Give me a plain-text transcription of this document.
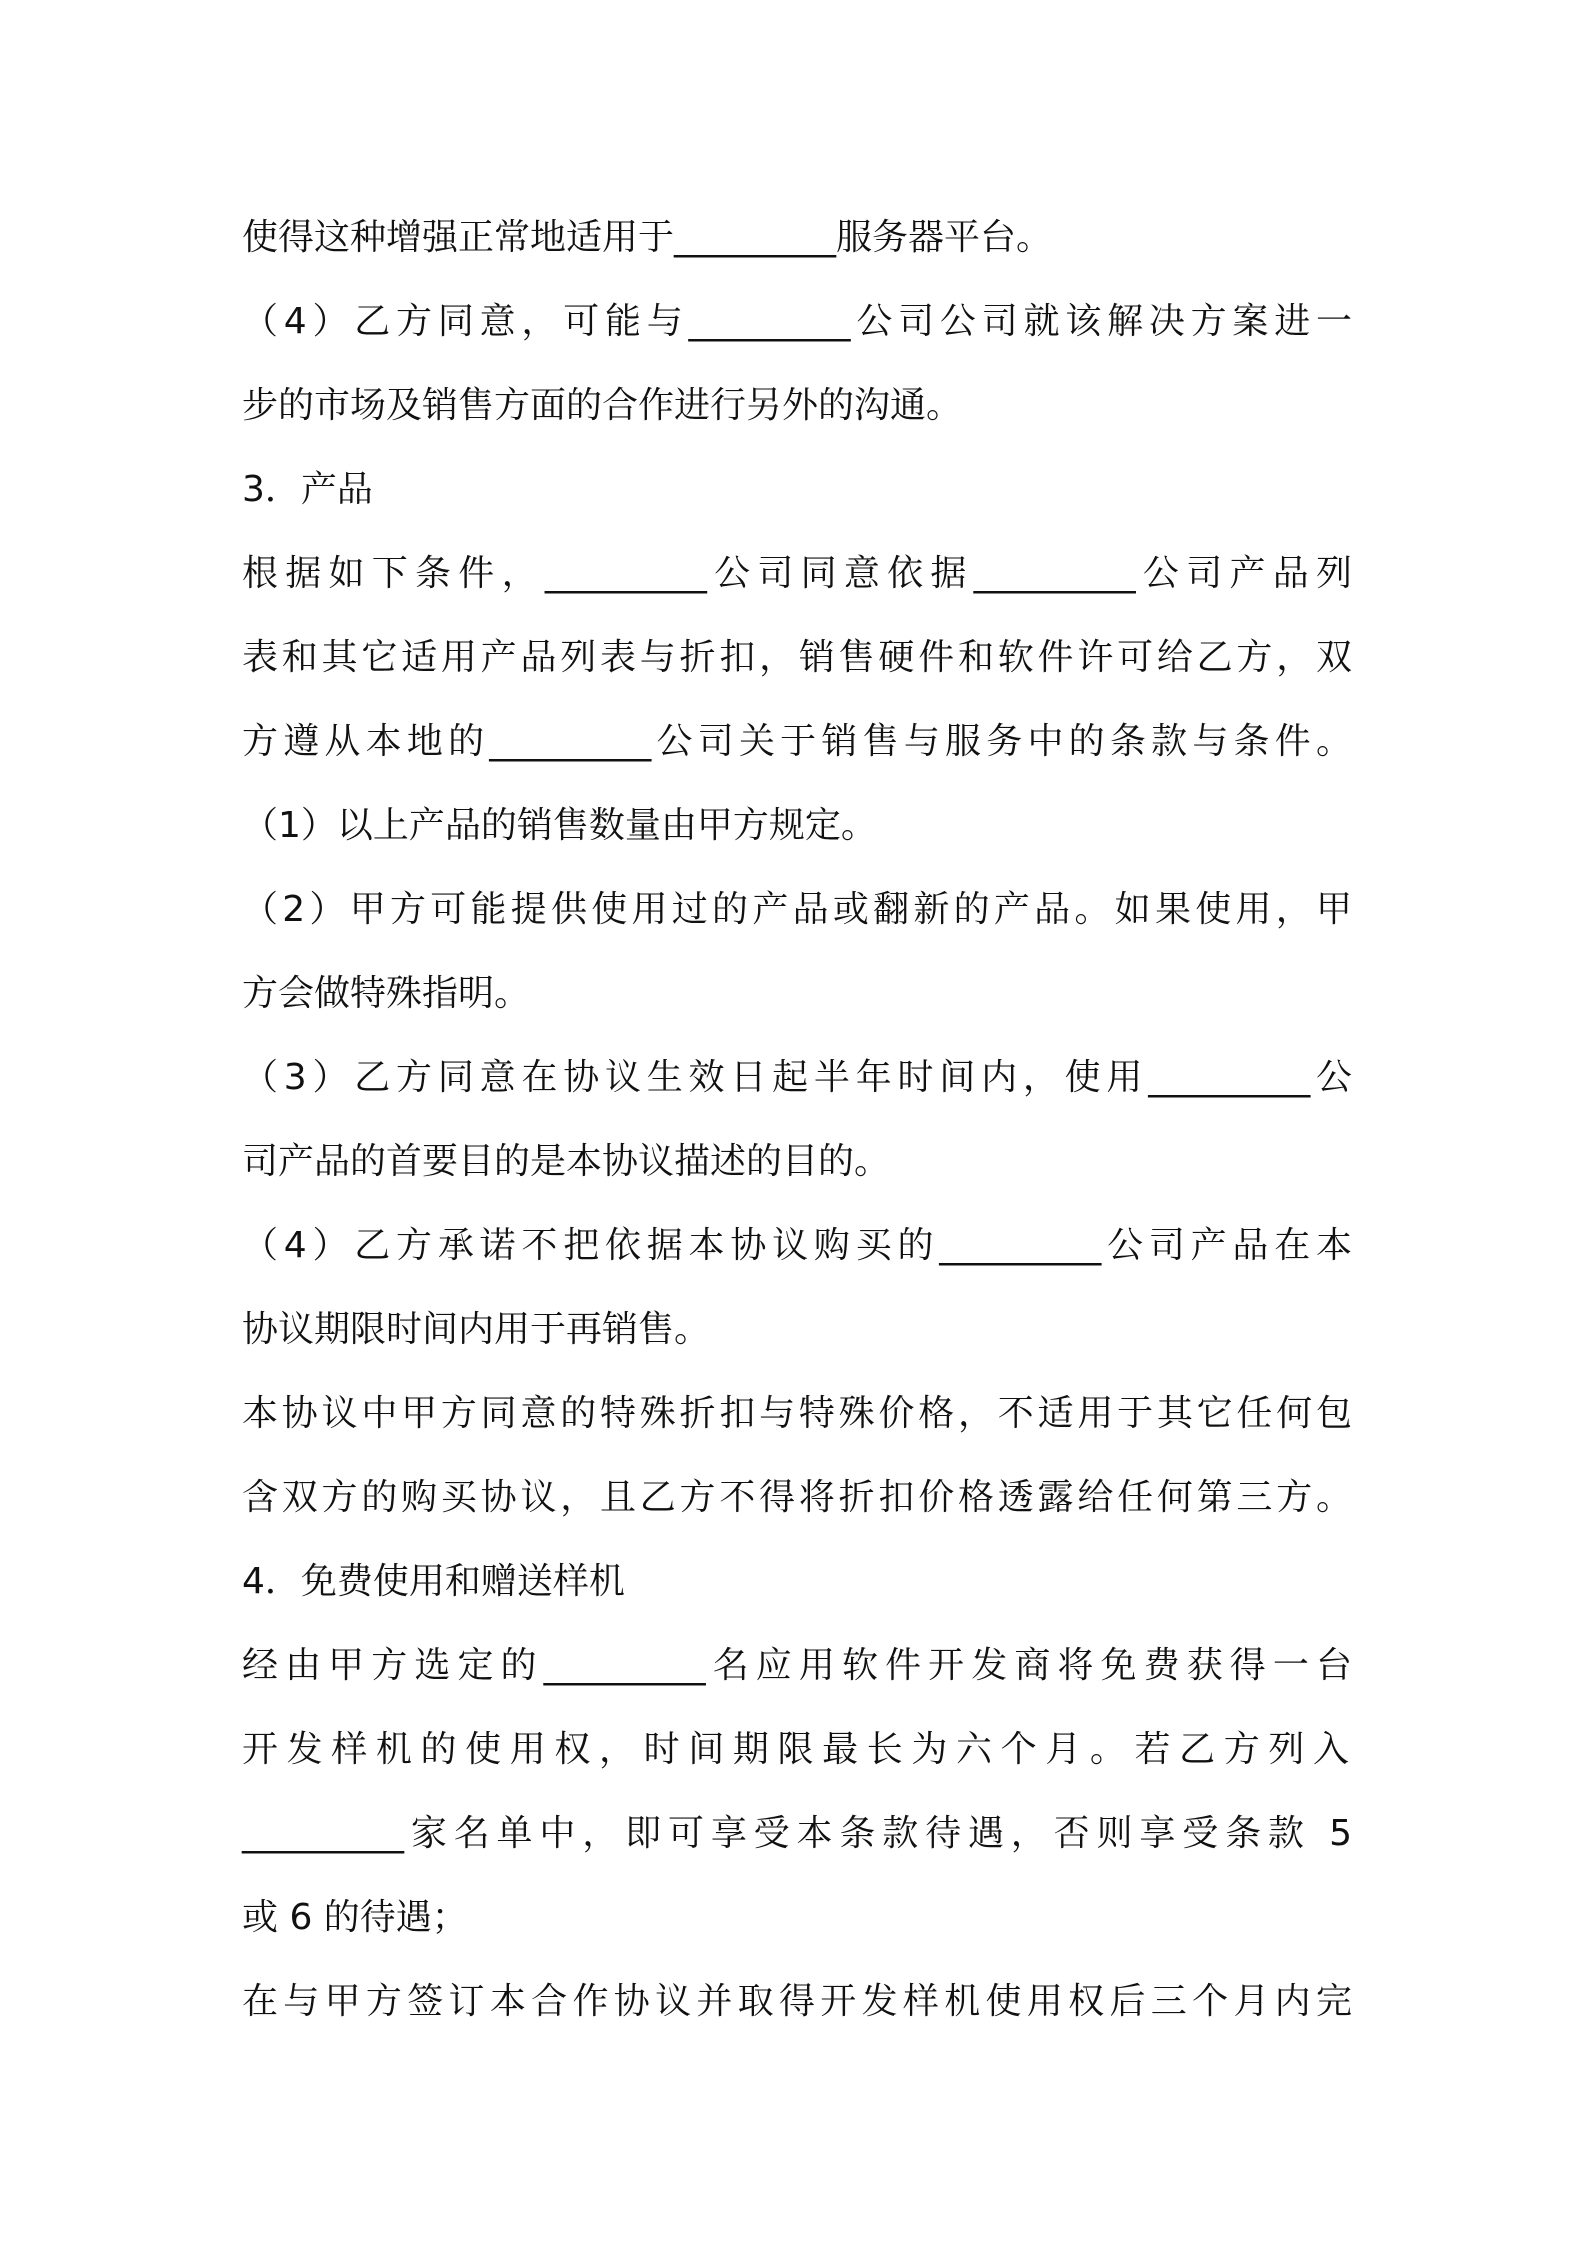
使得这种增强正常地适用于_________服务器平台。
（4）乙方同意，可能与_________公司公司就该解决方案进一
步的市场及销售方面的合作进行另外的沟通。
3．产品
根据如下条件，_________公司同意依据_________公司产品列
表和其它适用产品列表与折扣，销售硬件和软件许可给乙方，双
方遵从本地的_________公司关于销售与服务中的条款与条件。
（1）以上产品的销售数量由甲方规定。
（2）甲方可能提供使用过的产品或翻新的产品。如果使用，甲
方会做特殊指明。
（3）乙方同意在协议生效日起半年时间内，使用_________公
司产品的首要目的是本协议描述的目的。
（4）乙方承诺不把依据本协议购买的_________公司产品在本
协议期限时间内用于再销售。
本协议中甲方同意的特殊折扣与特殊价格，不适用于其它任何包
含双方的购买协议，且乙方不得将折扣价格透露给任何第三方。
4．免费使用和赠送样机
经由甲方选定的_________名应用软件开发商将免费获得一台
开发样机的使用权，时间期限最长为六个月。若乙方列入
_________家名单中，即可享受本条款待遇，否则享受条款 5
或 6 的待遇；
在与甲方签订本合作协议并取得开发样机使用权后三个月内完
